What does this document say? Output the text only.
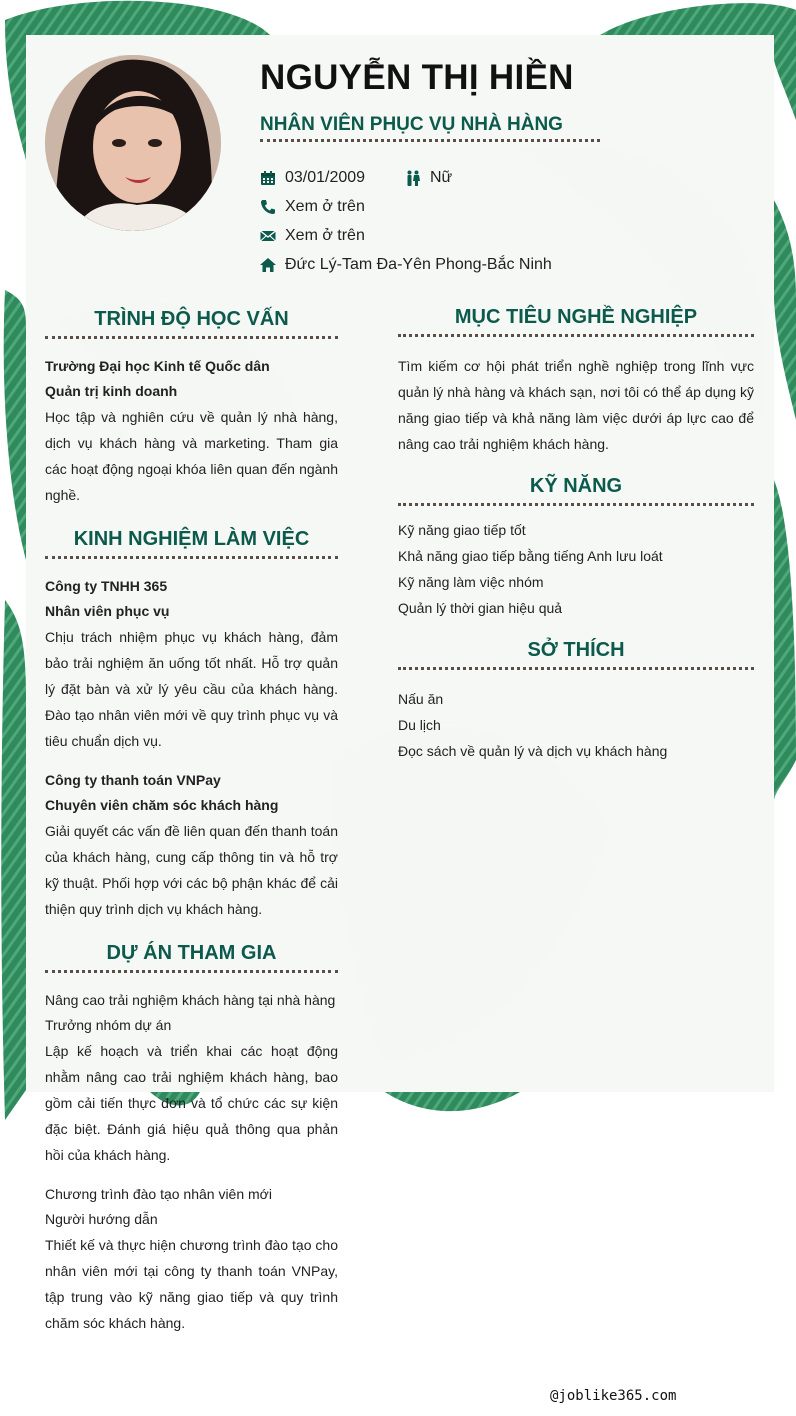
NGUYỄN THỊ HIỀN
NHÂN VIÊN PHỤC VỤ NHÀ HÀNG
03/01/2009	Nữ
Xem ở trên
Xem ở trên
Đức Lý-Tam Đa-Yên Phong-Bắc Ninh
TRÌNH ĐỘ HỌC VẤN
Trường Đại học Kinh tế Quốc dân
Quản trị kinh doanh
Học tập và nghiên cứu về quản lý nhà hàng, dịch vụ khách hàng và marketing. Tham gia các hoạt động ngoại khóa liên quan đến ngành nghề.
KINH NGHIỆM LÀM VIỆC
Công ty TNHH 365
Nhân viên phục vụ
Chịu trách nhiệm phục vụ khách hàng, đảm bảo trải nghiệm ăn uống tốt nhất. Hỗ trợ quản lý đặt bàn và xử lý yêu cầu của khách hàng. Đào tạo nhân viên mới về quy trình phục vụ và tiêu chuẩn dịch vụ.
Công ty thanh toán VNPay
Chuyên viên chăm sóc khách hàng
Giải quyết các vấn đề liên quan đến thanh toán của khách hàng, cung cấp thông tin và hỗ trợ kỹ thuật. Phối hợp với các bộ phận khác để cải thiện quy trình dịch vụ khách hàng.
DỰ ÁN THAM GIA
Nâng cao trải nghiệm khách hàng tại nhà hàng
Trưởng nhóm dự án
Lập kế hoạch và triển khai các hoạt động nhằm nâng cao trải nghiệm khách hàng, bao gồm cải tiến thực đơn và tổ chức các sự kiện đặc biệt. Đánh giá hiệu quả thông qua phản hồi của khách hàng.
Chương trình đào tạo nhân viên mới
Người hướng dẫn
Thiết kế và thực hiện chương trình đào tạo cho nhân viên mới tại công ty thanh toán VNPay, tập trung vào kỹ năng giao tiếp và quy trình chăm sóc khách hàng.
MỤC TIÊU NGHỀ NGHIỆP
Tìm kiếm cơ hội phát triển nghề nghiệp trong lĩnh vực quản lý nhà hàng và khách sạn, nơi tôi có thể áp dụng kỹ năng giao tiếp và khả năng làm việc dưới áp lực cao để nâng cao trải nghiệm khách hàng.
KỸ NĂNG
Kỹ năng giao tiếp tốt
Khả năng giao tiếp bằng tiếng Anh lưu loát
Kỹ năng làm việc nhóm
Quản lý thời gian hiệu quả
SỞ THÍCH
Nấu ăn
Du lịch
Đọc sách về quản lý và dịch vụ khách hàng
@joblike365.com
